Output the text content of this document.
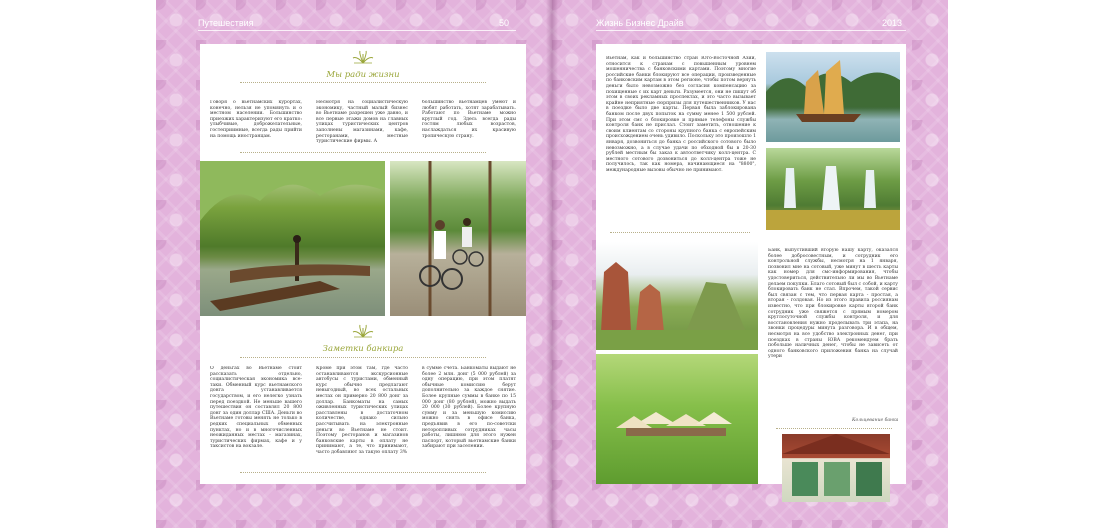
Путешествия	50
Мы ради жизни
Говоря о вьетнамских курортах, конечно, нельзя не упомянуть и о местном населении. Большинство приезжих характеризуют его кратко: улыбчивые, доброжелательные, гостеприимные, всегда рады прийти на помощь иностранцам.
Несмотря на социалистическую экономику, частный малый бизнес во Вьетнаме разрешен уже давно, и все первые этажи домов на главных улицах туристических центров заполнены магазинами, кафе, ресторанами, местные туристические фирмы. А
большинство вьетнамцев умеют и любят работать, хотят зарабатывать. Работают по Вьетнаме можно круглый год. Здесь всегда рады гостям любых возрастов, наслаждаться их красивую тропическую страну.
Заметки банкира
О деньгах во Вьетнаме стоит рассказать отдельно, социалистическая экономика все-таки. Обменный курс вьетнамского донга устанавливается государством, и его нелегко узнать перед поездкой. Не меньше вашего путешествия он составлял 20 800 донг за один доллар США. Деньги во Вьетнаме готовы менять не только в редких специальных обменных пунктах, но и в многочисленных неожиданных местах - магазинах, туристических фирмах, кафе и у таксистов на вокзале.
Кроме при этом там, где часто останавливаются экскурсионные автобусы с туристами, обменный курс обычно предлагают невыгодный, во всех остальных местах он примерно 20 800 донг за доллар. Банкоматы на самых оживленных туристических улицах расставлены в достаточном количестве, однако сильно рассчитывать на электронные деньги во Вьетнаме не стоит. Поэтому ресторанов и магазинов банковские карты в оплату не принимают, а те, что принимают, часто добавляют за такую оплату 3%
в сумме счета. Банкоматы выдают не более 2 млн. донг (5 000 рублей) за одну операцию, при этом платят обычные комиссию берут дополнительно за каждое снятие. Более крупные суммы в банке по 15 000 донг (80 рублей), можно выдать 20 000 (30 рублей). Более крупную сумму и за меньшую комиссию можно снять в офисе банка, предъявив в его по-советски неторопливых сотрудниках часы работы, лишнюю для этого нужен паспорт, который вьетнамские банки забирают при заселении.
Жизнь Бизнес Драйв	2013
Вьетнам, как и большинство стран Юго-Восточной Азии, относится к странам с повышенным уровнем мошенничества с банковскими картами. Поэтому многие российские банки блокируют все операции, произведенные по банковским картам в этом регионе, чтобы потом вернуть деньги было невозможно без согласия компенсацию за похищенные с их карт деньги. Разумеется, они не пишут об этом в своих рекламных проспектах, и это часто вызывает крайне неприятные сюрпризы для путешественников. У нас в поездке было две карты. Первая была заблокирована банком после двух попыток на сумму менее 1 500 рублей. При этом смс о блокировке и прямые телефоны службы контроля банк не прислал. Стоит заметить, отношение к своим клиентам со стороны крупного банка с европейским происхождением очень удивило. Поскольку это произошло 1 января, дозвониться до банка с российского сотового было невозможно, а в случае удачи по обходной бы в 20-30 рублей местным бы заказ к автоответчику колл-центра. С местного сотового дозвониться до колл-центра тоже не получилось, так как номера, начинающиеся на "8800", международные вызовы обычно не принимают.
Банк, выпустивший вторую нашу карту, оказался более добросовестным, и сотрудник его контрольной службы, несмотря на 1 января, позвонил мне на сотовый, уже минут в шесть карты как номер для смс-информирования, чтобы удостовериться, действительно ли мы во Вьетнаме делаем покупки. Благо сотовый был с собой, и карту блокировать банк не стал. Впрочем, такой сервис был связан с тем, что первая карта - простая, а вторая - голдовая. Но из этого правила россиянам известно, что при блокировке карты второй банк сотрудник уже свяжется с прямым номером круглосуточной службы контроля, и для восстановления нужно проделывать три этапа, на звонки процедуры минута разговора. И в общем, несмотря на все удобство электронных денег, при поездках в страны ЮВА рекомендуем брать побольше наличных денег, чтобы не зависеть от одного банковского приложения банка на случай утери
Кольцевание банка
